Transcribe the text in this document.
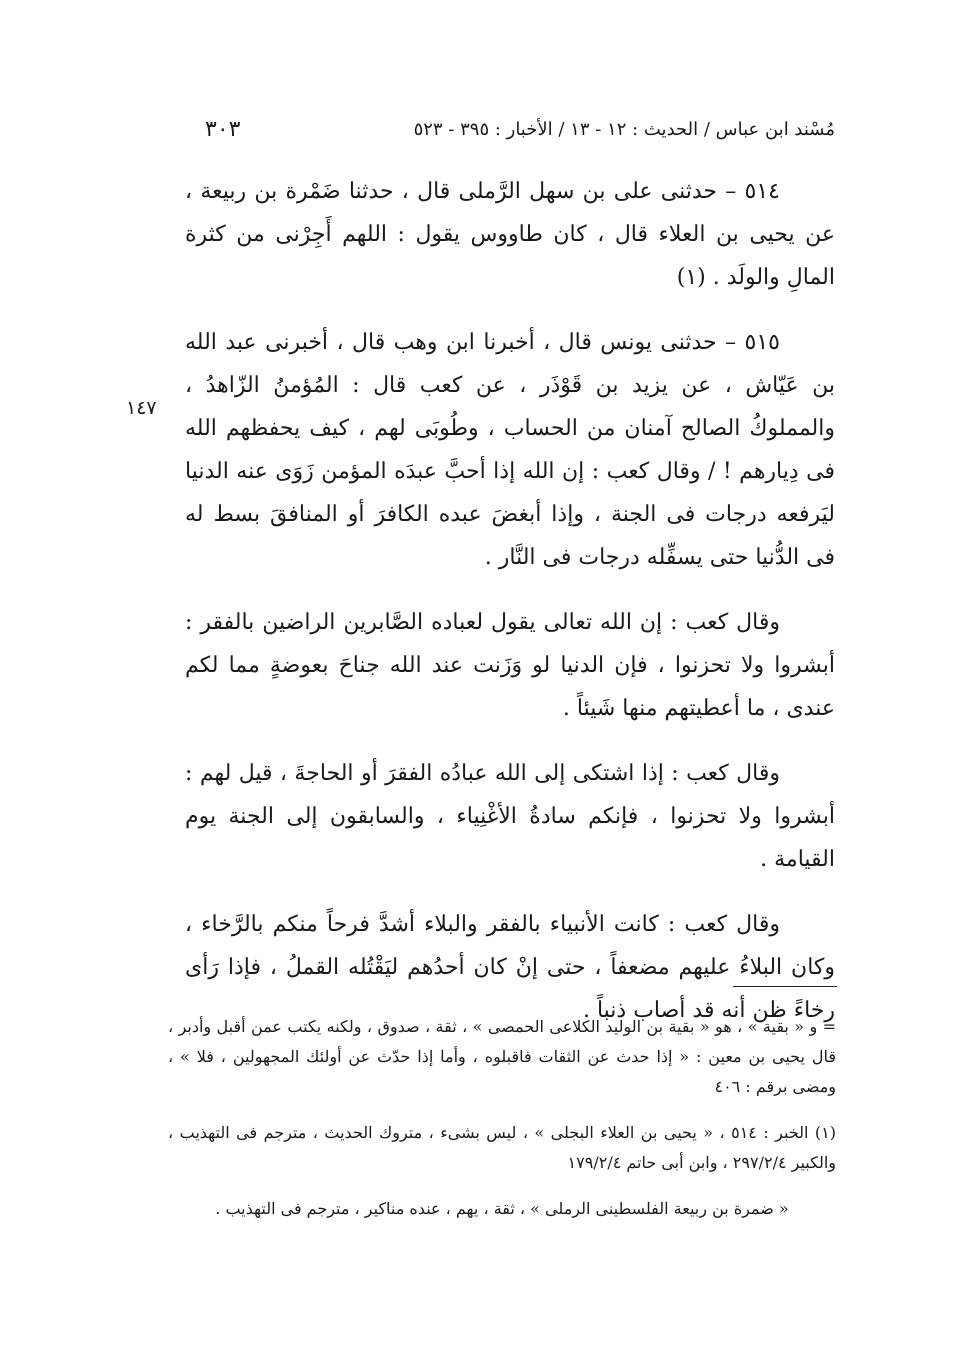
مُسْند ابن عباس / الحديث : ١٢ - ١٣ / الأخبار : ٣٩٥ - ٥٢٣
٣٠٣
١٤٧

٥١٤ – حدثنى على بن سهل الرَّملى قال ، حدثنا ضَمْرة بن ربيعة ، عن يحيى بن العلاء قال ، كان طاووس يقول : اللهم أَجِرْنى من كثرة المالِ والولَد . (١)

٥١٥ – حدثنى يونس قال ، أخبرنا ابن وهب قال ، أخبرنى عبد الله بن عَيّاش ، عن يزيد بن قَوْذَر ، عن كعب قال : المُؤمنُ الزّاهدُ ، والمملوكُ الصالح آمنان من الحساب ، وطُوبَى لهم ، كيف يحفظهم الله فى دِيارهم ! / وقال كعب : إن الله إذا أحبَّ عبدَه المؤمن زَوَى عنه الدنيا ليَرفعه درجات فى الجنة ، وإذا أبغضَ عبده الكافرَ أو المنافقَ بسط له فى الدُّنيا حتى يسفِّله درجات فى النَّار .

وقال كعب : إن الله تعالى يقول لعباده الصَّابرين الراضين بالفقر : أبشروا ولا تحزنوا ، فإن الدنيا لو وَزَنت عند الله جناحَ بعوضةٍ مما لكم عندى ، ما أعطيتهم منها شَيئاً .

وقال كعب : إذا اشتكى إلى الله عبادُه الفقرَ أو الحاجةَ ، قيل لهم : أبشروا ولا تحزنوا ، فإنكم سادةُ الأغْنِياء ، والسابقون إلى الجنة يوم القيامة .

وقال كعب : كانت الأنبياء بالفقر والبلاء أشدَّ فرحاً منكم بالرَّخاء ، وكان البلاءُ عليهم مضعفاً ، حتى إنْ كان أحدُهم ليَقْتُله القملُ ، فإذا رَأى رخاءً ظن أنه قد أصاب ذنباً .

= و « بقية » ، هو « بقية بن الوليد الكلاعى الحمصى » ، ثقة ، صدوق ، ولكنه يكتب عمن أقبل وأدبر ، قال يحيى بن معين : « إذا حدث عن الثقات فاقبلوه ، وأما إذا حدّث عن أولئك المجهولين ، فلا » ، ومضى برقم : ٤٠٦

(١) الخبر : ٥١٤ ، « يحيى بن العلاء البجلى » ، ليس بشىء ، متروك الحديث ، مترجم فى التهذيب ، والكبير ٢٩٧/٢/٤ ، وابن أبى حاتم ١٧٩/٢/٤

« ضمرة بن ربيعة الفلسطينى الرملى » ، ثقة ، يهم ، عنده مناكير ، مترجم فى التهذيب .
